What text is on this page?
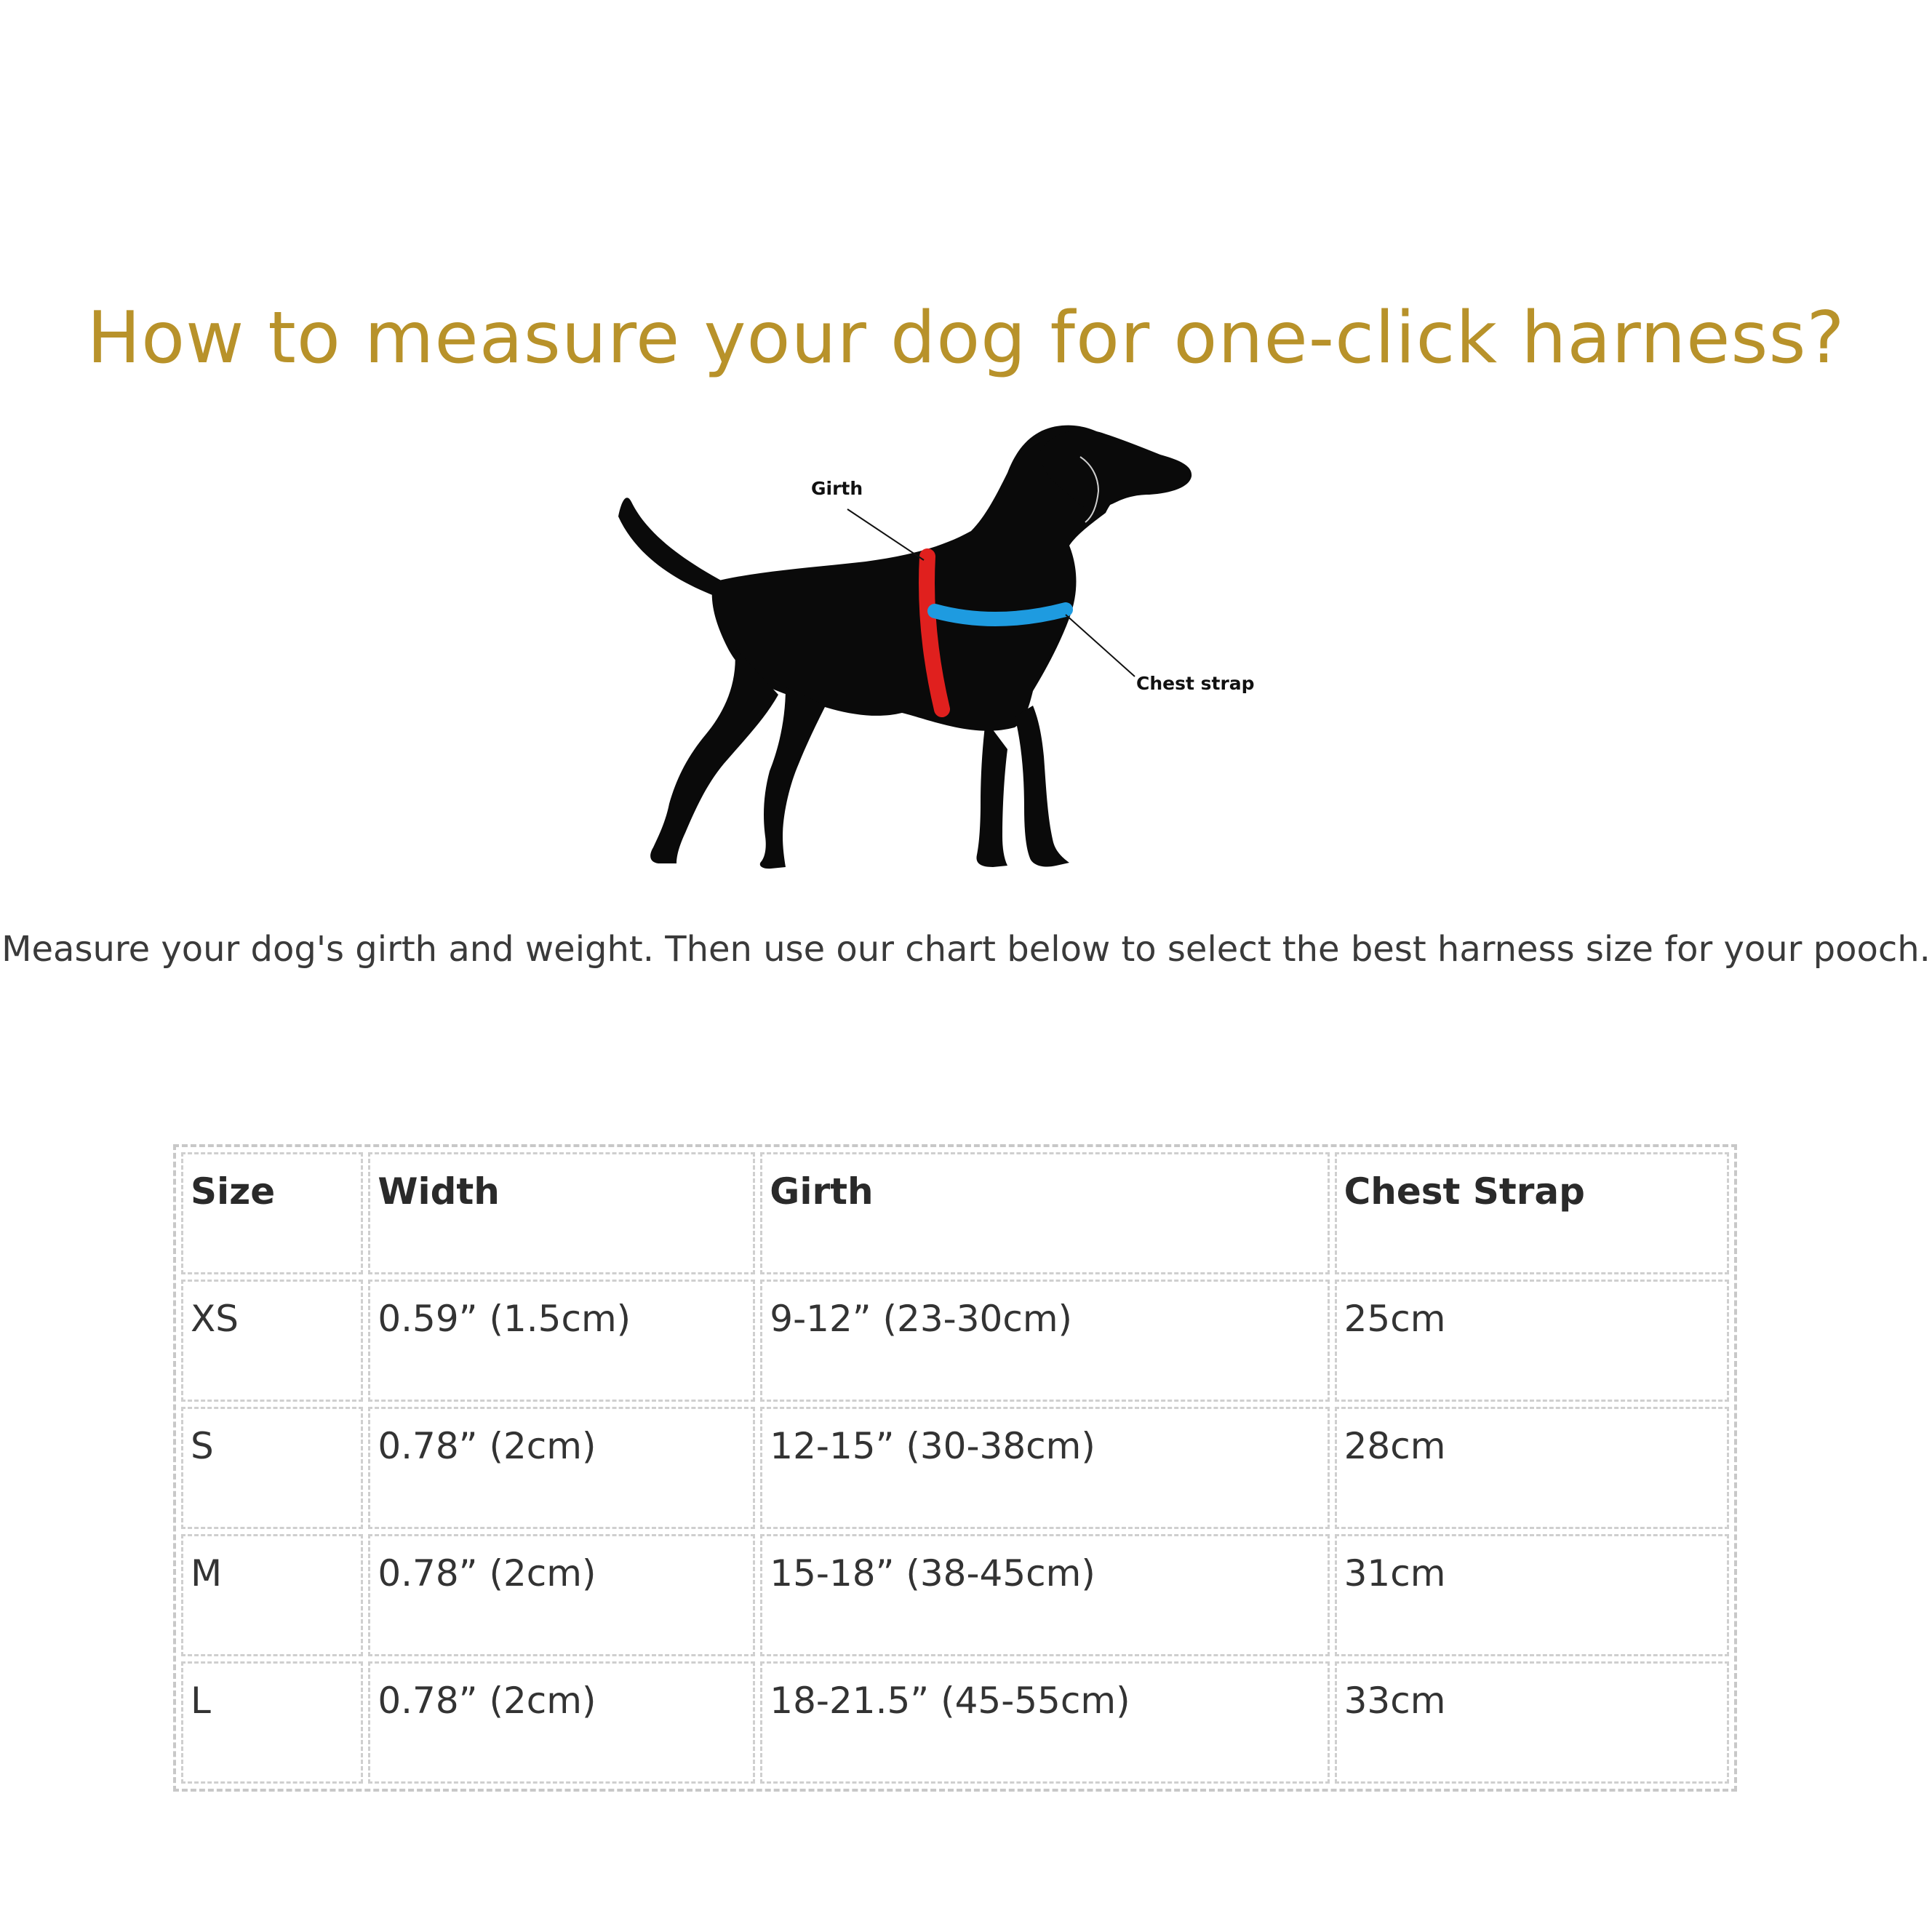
How to measure your dog for one-click harness?
Girth
Chest strap
Measure your dog's girth and weight. Then use our chart below to select the best harness size for your pooch.
Size	Width	Girth	Chest Strap
XS	0.59” (1.5cm)	9-12” (23-30cm)	25cm
S	0.78” (2cm)	12-15” (30-38cm)	28cm
M	0.78” (2cm)	15-18” (38-45cm)	31cm
L	0.78” (2cm)	18-21.5” (45-55cm)	33cm
